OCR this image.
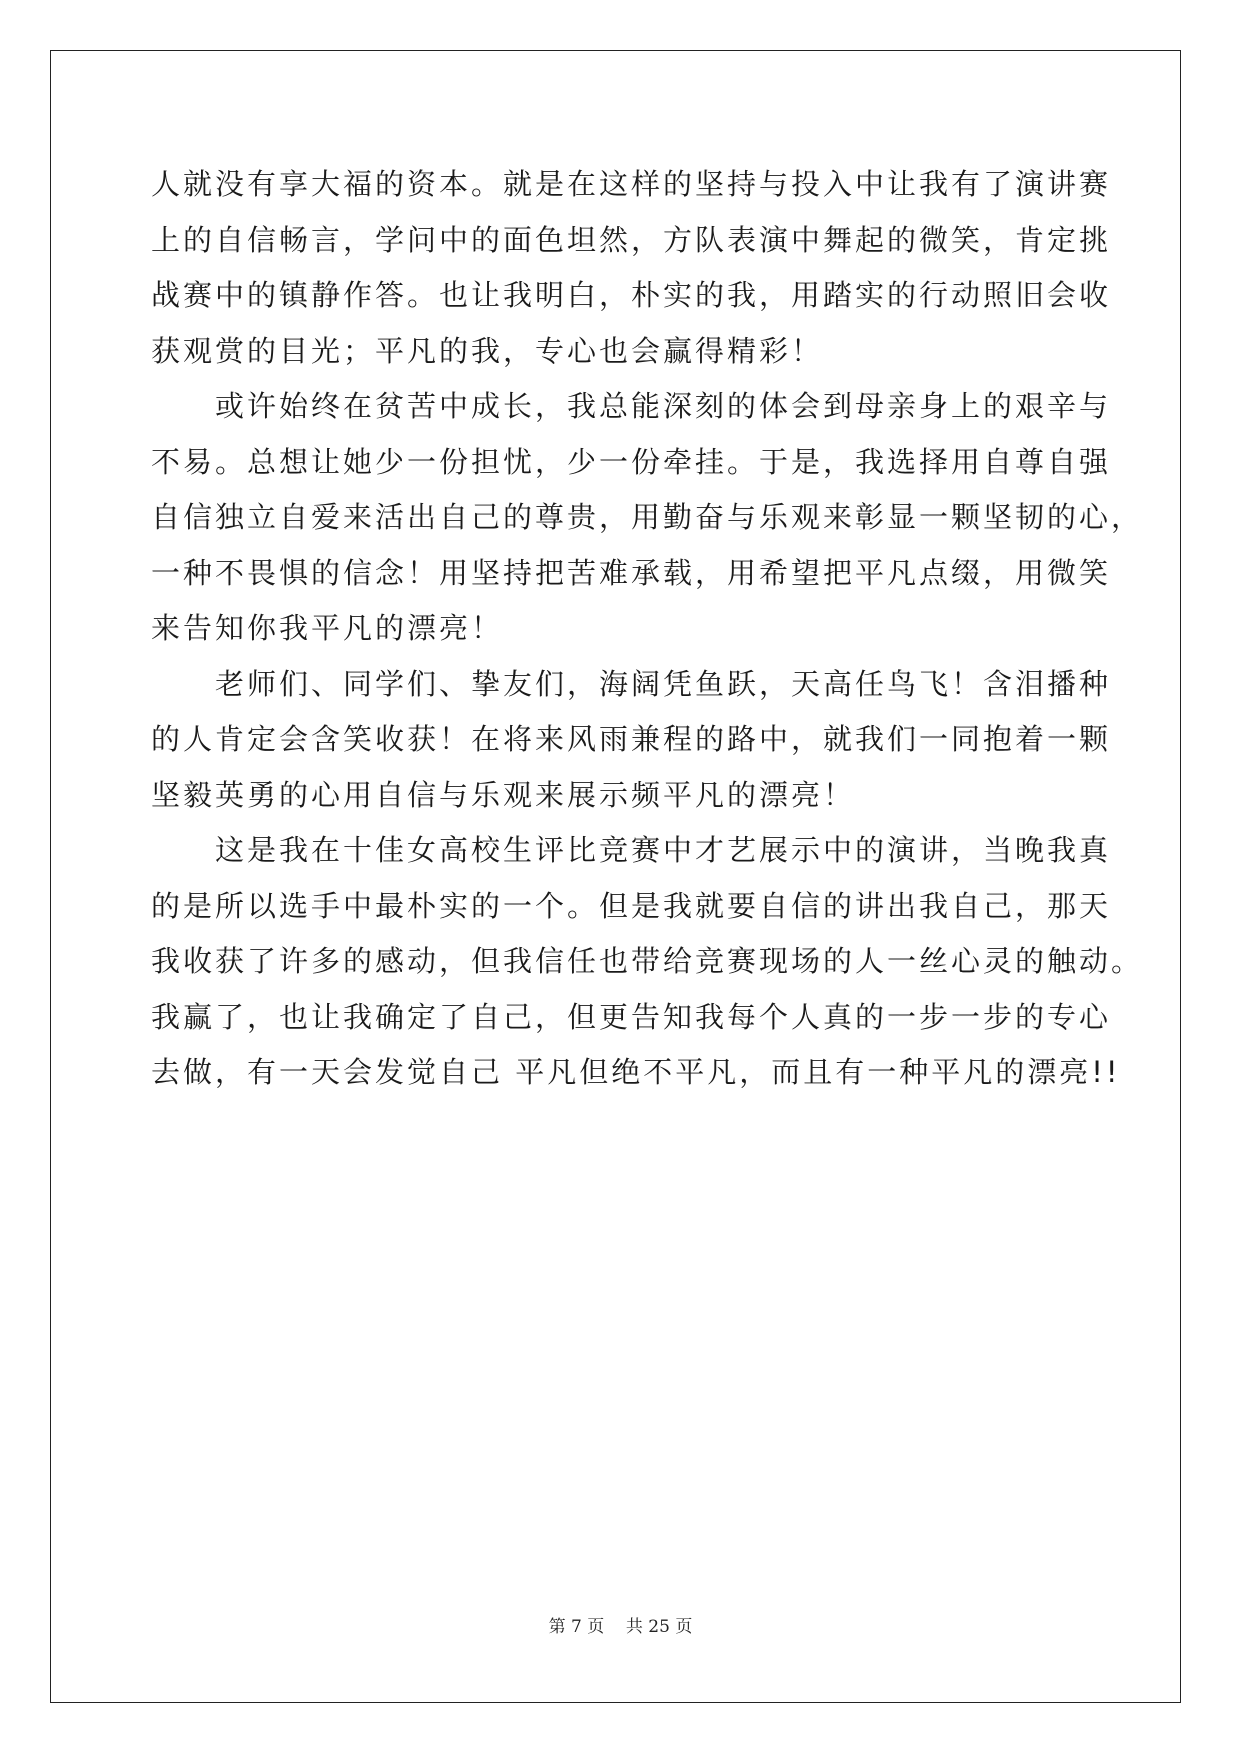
人就没有享大福的资本。就是在这样的坚持与投入中让我有了演讲赛
上的自信畅言，学问中的面色坦然，方队表演中舞起的微笑，肯定挑
战赛中的镇静作答。也让我明白，朴实的我，用踏实的行动照旧会收
获观赏的目光；平凡的我，专心也会赢得精彩！
　　或许始终在贫苦中成长，我总能深刻的体会到母亲身上的艰辛与
不易。总想让她少一份担忧，少一份牵挂。于是，我选择用自尊自强
自信独立自爱来活出自己的尊贵，用勤奋与乐观来彰显一颗坚韧的心，
一种不畏惧的信念！用坚持把苦难承载，用希望把平凡点缀，用微笑
来告知你我平凡的漂亮！
　　老师们、同学们、挚友们，海阔凭鱼跃，天高任鸟飞！含泪播种
的人肯定会含笑收获！在将来风雨兼程的路中，就我们一同抱着一颗
坚毅英勇的心用自信与乐观来展示频平凡的漂亮！
　　这是我在十佳女高校生评比竞赛中才艺展示中的演讲，当晚我真
的是所以选手中最朴实的一个。但是我就要自信的讲出我自己，那天
我收获了许多的感动，但我信任也带给竞赛现场的人一丝心灵的触动。
我赢了，也让我确定了自己，但更告知我每个人真的一步一步的专心
去做，有一天会发觉自己 平凡但绝不平凡，而且有一种平凡的漂亮!!
第 7 页    共 25 页
